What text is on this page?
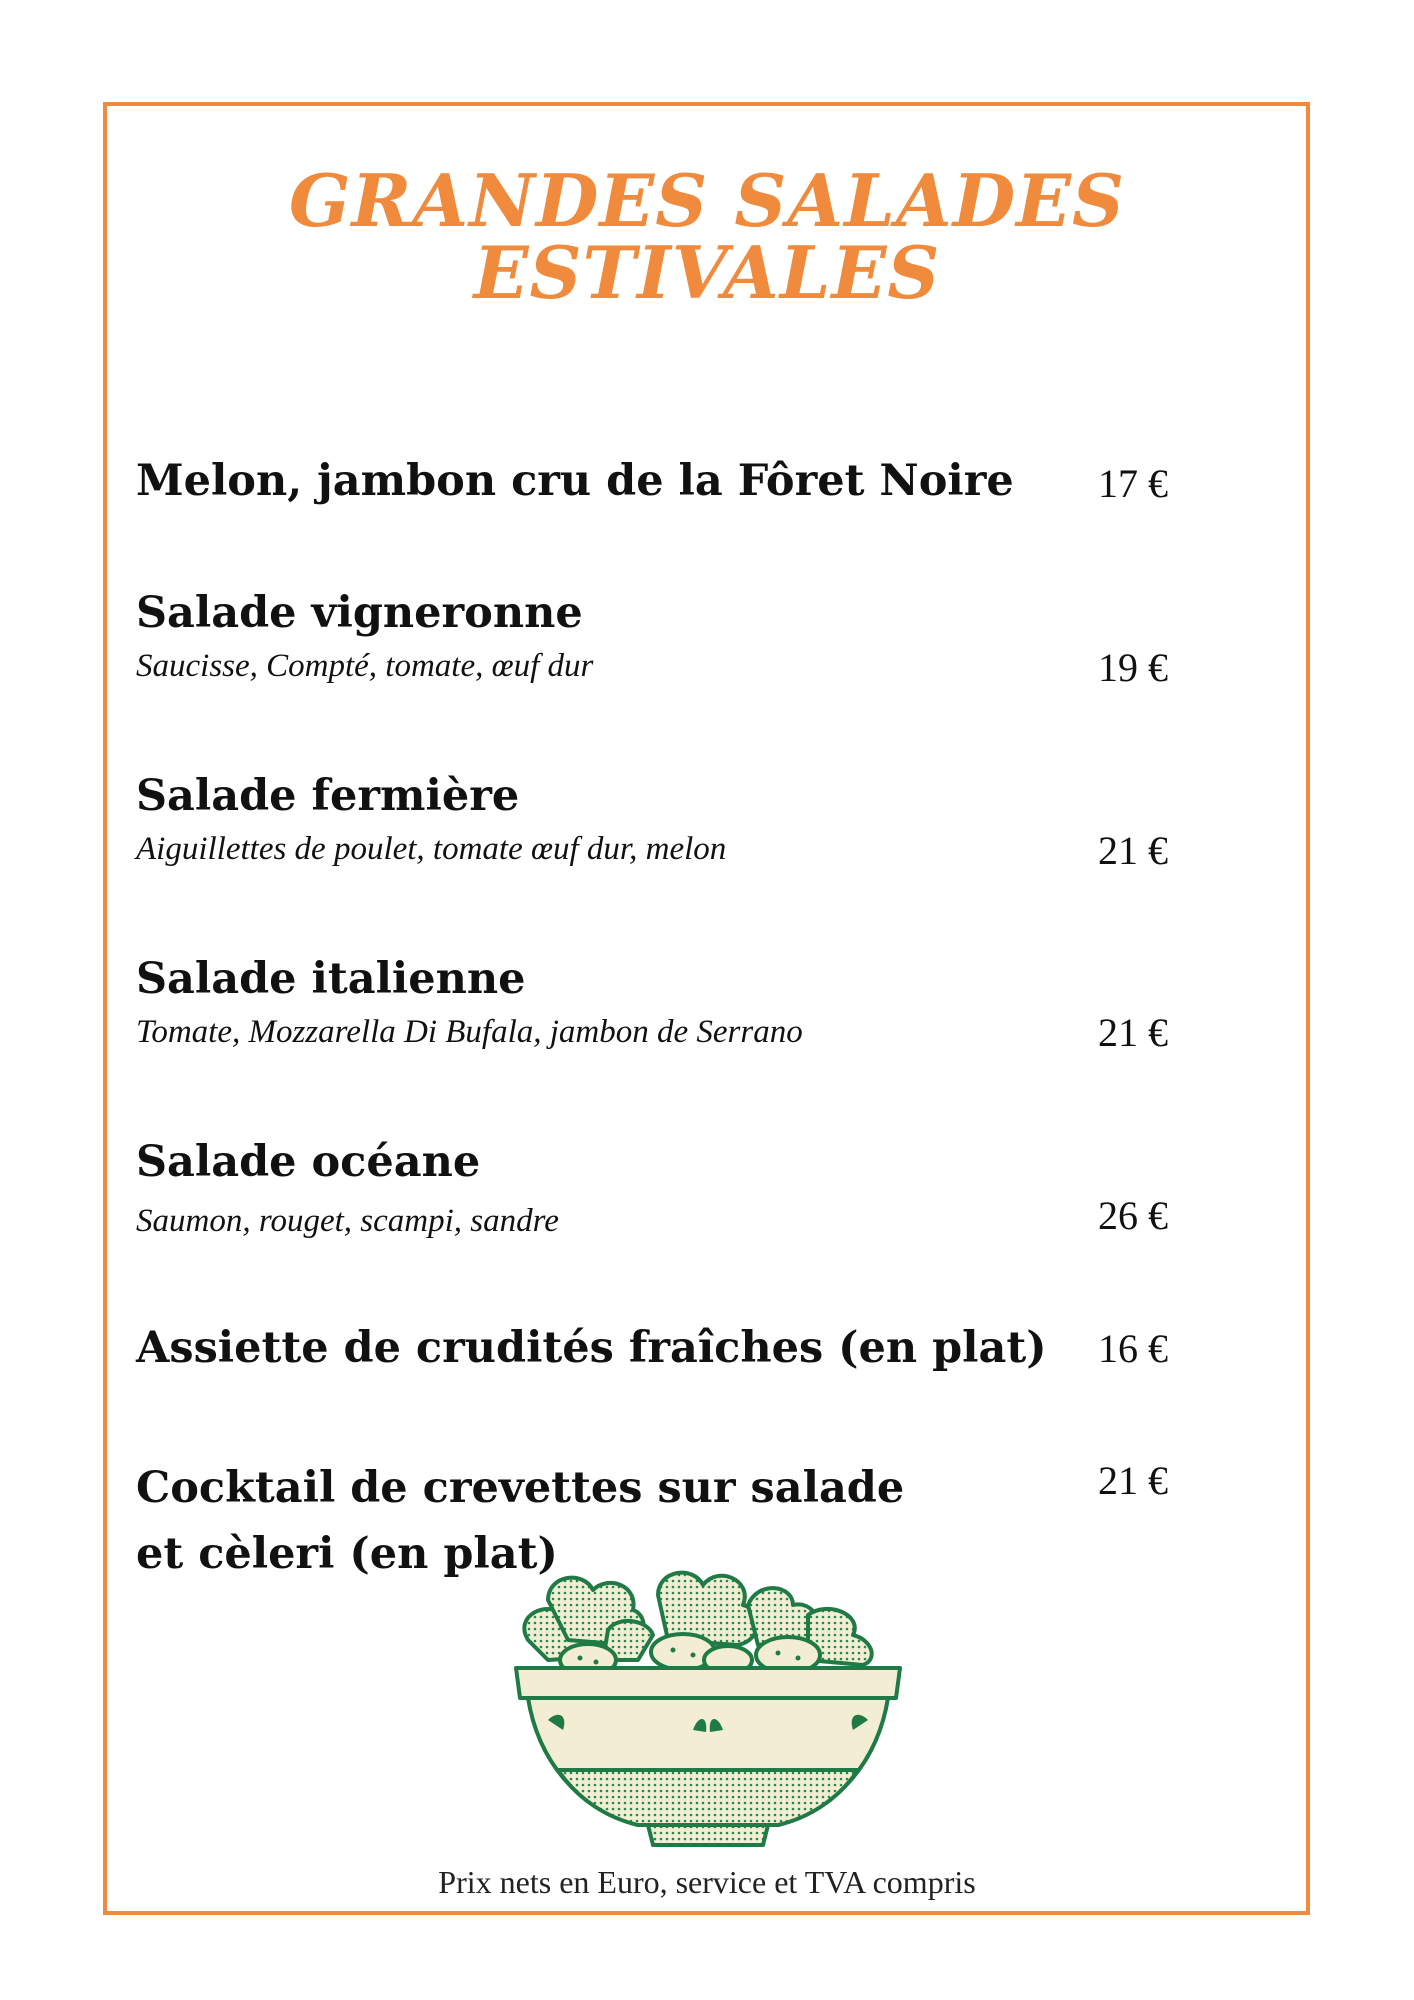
GRANDES SALADES
ESTIVALES
Melon, jambon cru de la Fôret Noire	17 €
Salade vigneronne
Saucisse, Compté, tomate, œuf dur	19 €
Salade fermière
Aiguillettes de poulet, tomate œuf dur, melon	21 €
Salade italienne
Tomate, Mozzarella Di Bufala, jambon de Serrano	21 €
Salade océane
Saumon, rouget, scampi, sandre	26 €
Assiette de crudités fraîches (en plat)	16 €
Cocktail de crevettes sur salade et cèleri (en plat)
21 €
Prix nets en Euro, service et TVA compris
